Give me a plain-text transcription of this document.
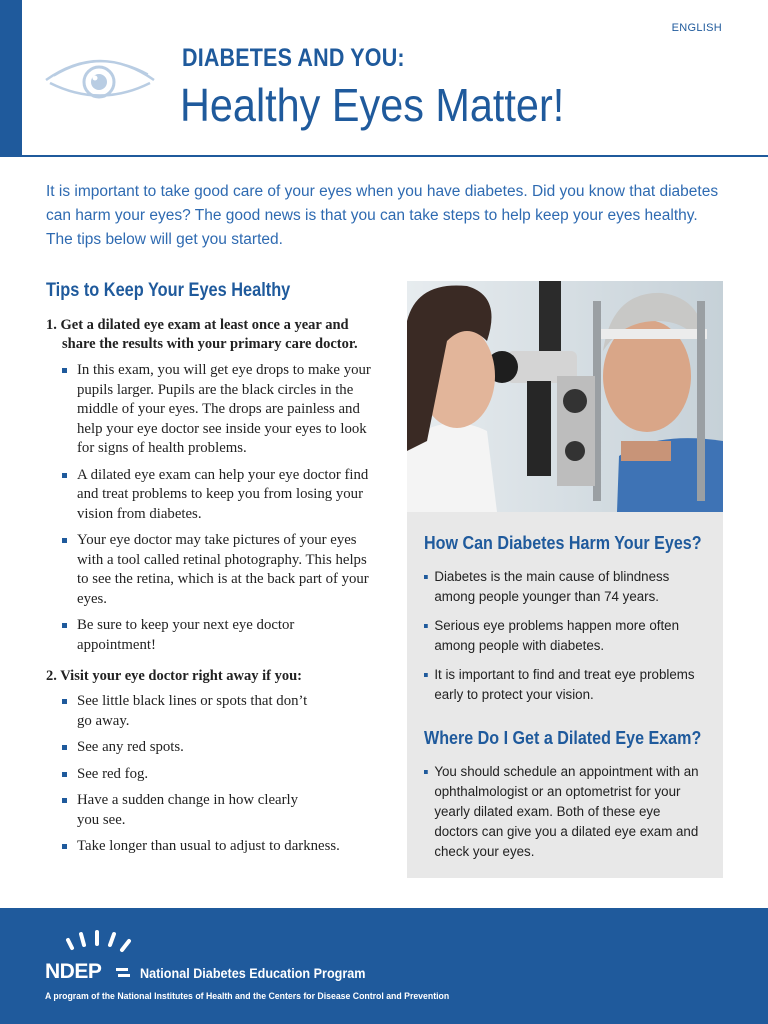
ENGLISH
DIABETES AND YOU:
Healthy Eyes Matter!

It is important to take good care of your eyes when you have diabetes. Did you know that diabetes can harm your eyes? The good news is that you can take steps to help keep your eyes healthy. The tips below will get you started.

Tips to Keep Your Eyes Healthy

1. Get a dilated eye exam at least once a year and share the results with your primary care doctor.

In this exam, you will get eye drops to make your pupils larger. Pupils are the black circles in the middle of your eyes. The drops are painless and help your eye doctor see inside your eyes to look for signs of health problems.
A dilated eye exam can help your eye doctor find and treat problems to keep you from losing your vision from diabetes.
Your eye doctor may take pictures of your eyes with a tool called retinal photography. This helps to see the retina, which is at the back part of your eyes.
Be sure to keep your next eye doctor appointment!

2. Visit your eye doctor right away if you:

See little black lines or spots that don’t go away.
See any red spots.
See red fog.
Have a sudden change in how clearly you see.
Take longer than usual to adjust to darkness.
How Can Diabetes Harm Your Eyes?
Diabetes is the main cause of blindness among people younger than 74 years.
Serious eye problems happen more often among people with diabetes.
It is important to find and treat eye problems early to protect your vision.
Where Do I Get a Dilated Eye Exam?
You should schedule an appointment with an ophthalmologist or an optometrist for your yearly dilated exam. Both of these eye doctors can give you a dilated eye exam and check your eyes.
NDEP	National Diabetes Education Program
A program of the National Institutes of Health and the Centers for Disease Control and Prevention
